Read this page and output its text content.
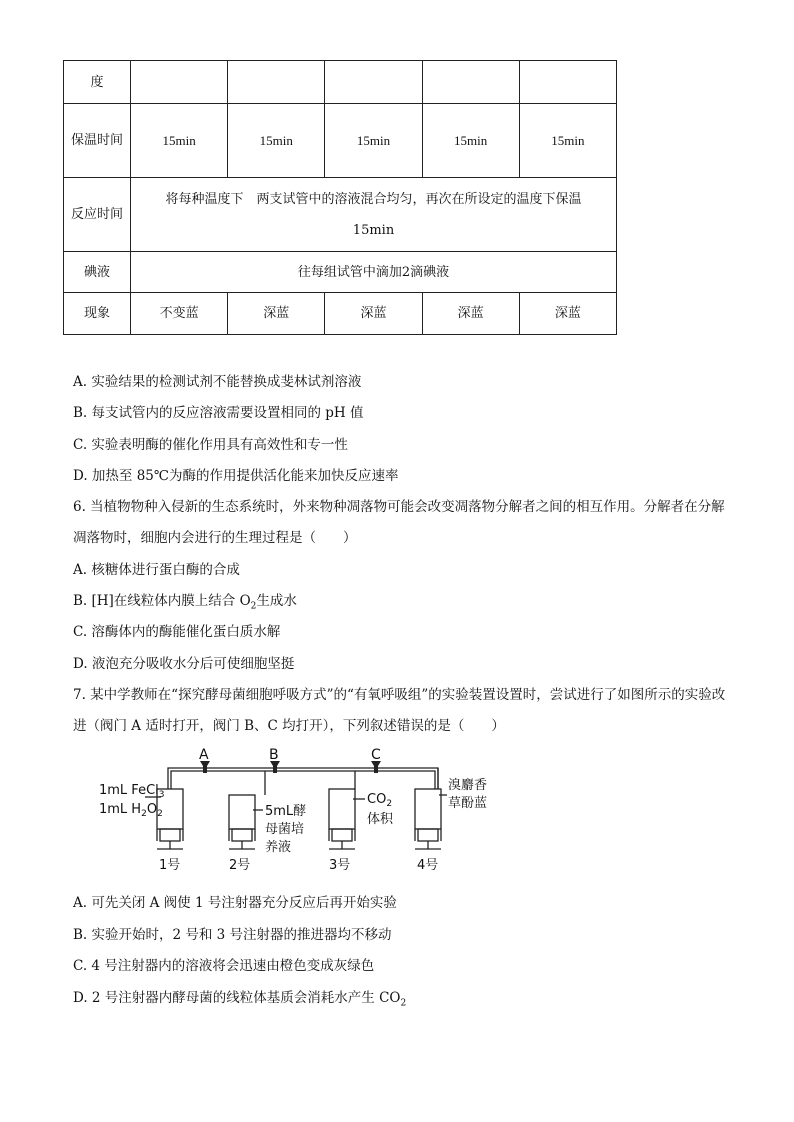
度					
保温时间	15min	15min	15min	15min	15min
反应时间	将每种温度下　两支试管中的溶液混合均匀，再次在所设定的温度下保温15min				
碘液	往每组试管中滴加2滴碘液				
现象	不变蓝	深蓝	深蓝	深蓝	深蓝
A. 实验结果的检测试剂不能替换成斐林试剂溶液
B. 每支试管内的反应溶液需要设置相同的 pH 值
C. 实验表明酶的催化作用具有高效性和专一性
D. 加热至 85℃为酶的作用提供活化能来加快反应速率
6. 当植物物种入侵新的生态系统时，外来物种凋落物可能会改变凋落物分解者之间的相互作用。分解者在分解凋落物时，细胞内会进行的生理过程是（　　）
A. 核糖体进行蛋白酶的合成
B. [H]在线粒体内膜上结合 $O_2$生成水
C. 溶酶体内的酶能催化蛋白质水解
D. 液泡充分吸收水分后可使细胞坚挺
7. 某中学教师在“探究酵母菌细胞呼吸方式”的“有氧呼吸组”的实验装置设置时，尝试进行了如图所示的实验改进（阀门 A 适时打开，阀门 B、C 均打开），下列叙述错误的是（　　）
A	B	C
1mL FeCl$_3$
1mL $H_2O_2$	5mL酵
母菌培
养液
$CO_2$
体积
溴麝香
草酚蓝
1号	2号	3号	4号
A. 可先关闭 A 阀使 1 号注射器充分反应后再开始实验
B. 实验开始时，2 号和 3 号注射器的推进器均不移动
C. 4 号注射器内的溶液将会迅速由橙色变成灰绿色
D. 2 号注射器内酵母菌的线粒体基质会消耗水产生 $CO_2$
